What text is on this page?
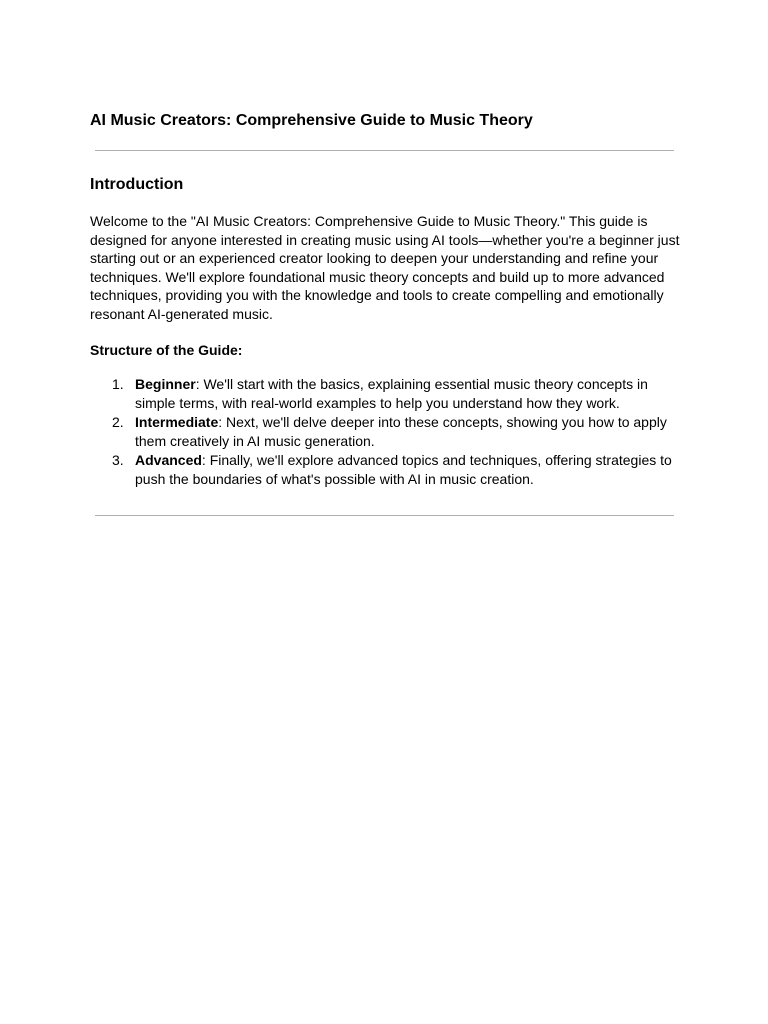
AI Music Creators: Comprehensive Guide to Music Theory
Introduction

Welcome to the "AI Music Creators: Comprehensive Guide to Music Theory." This guide is designed for anyone interested in creating music using AI tools—whether you're a beginner just starting out or an experienced creator looking to deepen your understanding and refine your techniques. We'll explore foundational music theory concepts and build up to more advanced techniques, providing you with the knowledge and tools to create compelling and emotionally resonant AI-generated music.

Structure of the Guide:

1. Beginner: We'll start with the basics, explaining essential music theory concepts in simple terms, with real-world examples to help you understand how they work.
2. Intermediate: Next, we'll delve deeper into these concepts, showing you how to apply them creatively in AI music generation.
3. Advanced: Finally, we'll explore advanced topics and techniques, offering strategies to push the boundaries of what's possible with AI in music creation.
